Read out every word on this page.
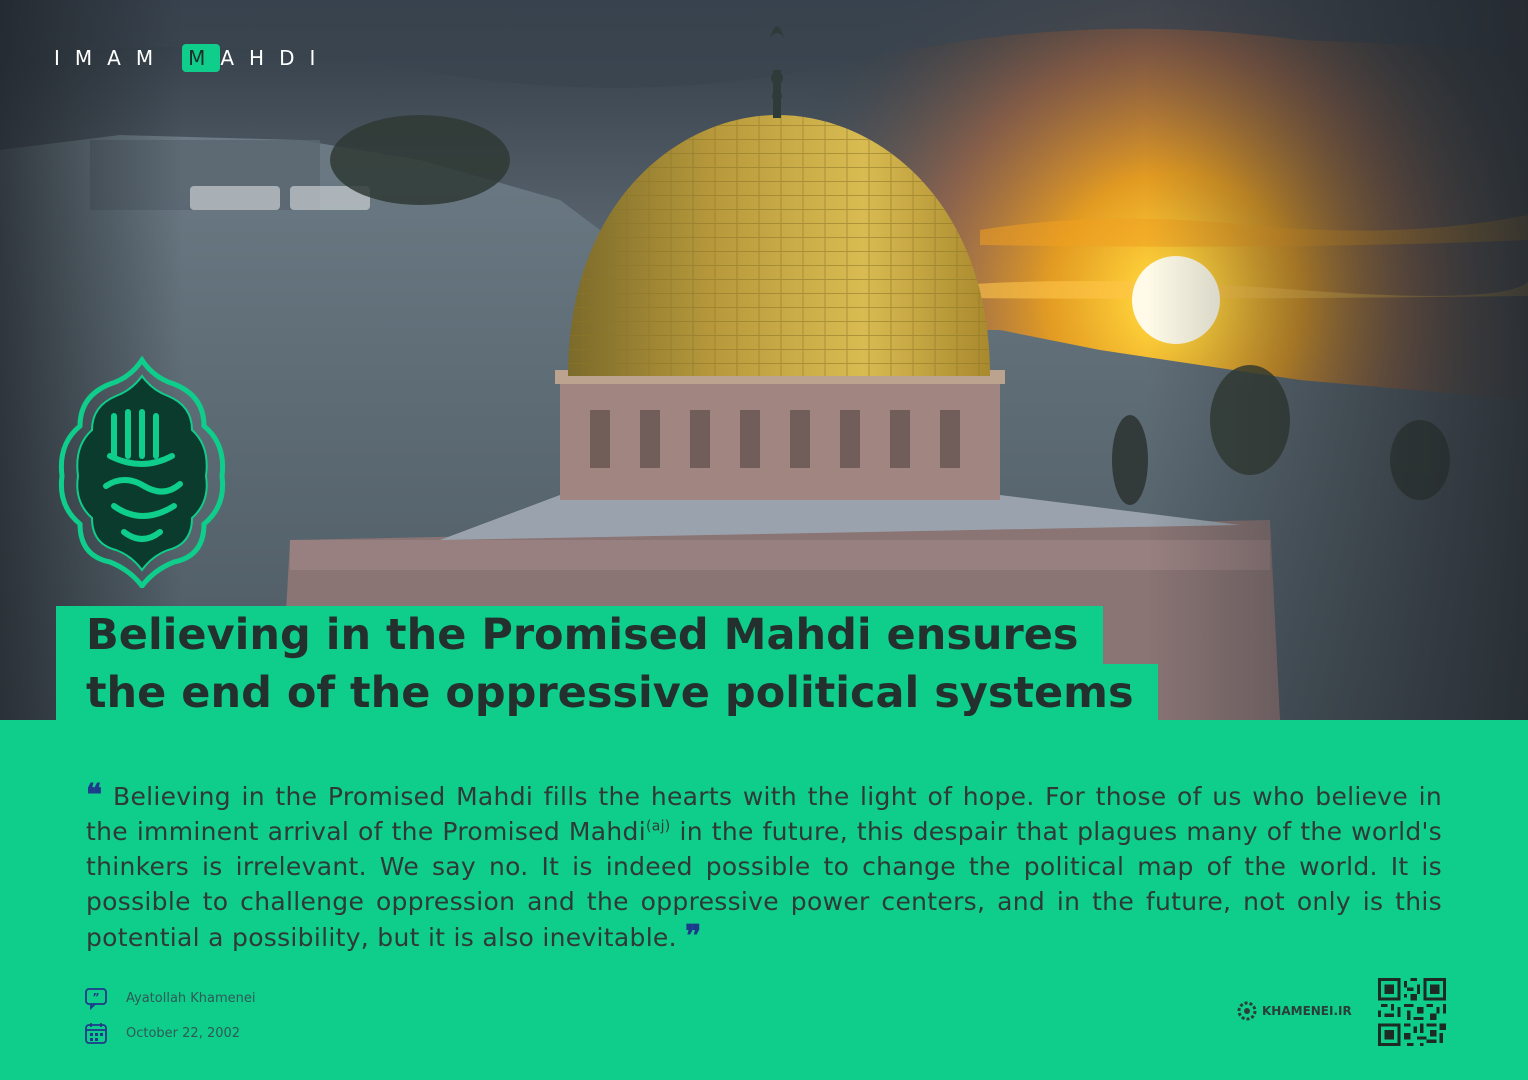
IMAM	M AHDI
Believing in the Promised Mahdi ensures
the end of the oppressive political systems
❝ Believing in the Promised Mahdi fills the hearts with the light of hope. For those of us who believe in the imminent arrival of the Promised Mahdi$^{(aj)}$ in the future, this despair that plagues many of the world's thinkers is irrelevant. We say no. It is indeed possible to change the political map of the world. It is possible to challenge oppression and the oppressive power centers, and in the future, not only is this potential a possibility, but it is also inevitable. ❞
” Ayatollah Khamenei
October 22, 2002
KHAMENEI.IR
